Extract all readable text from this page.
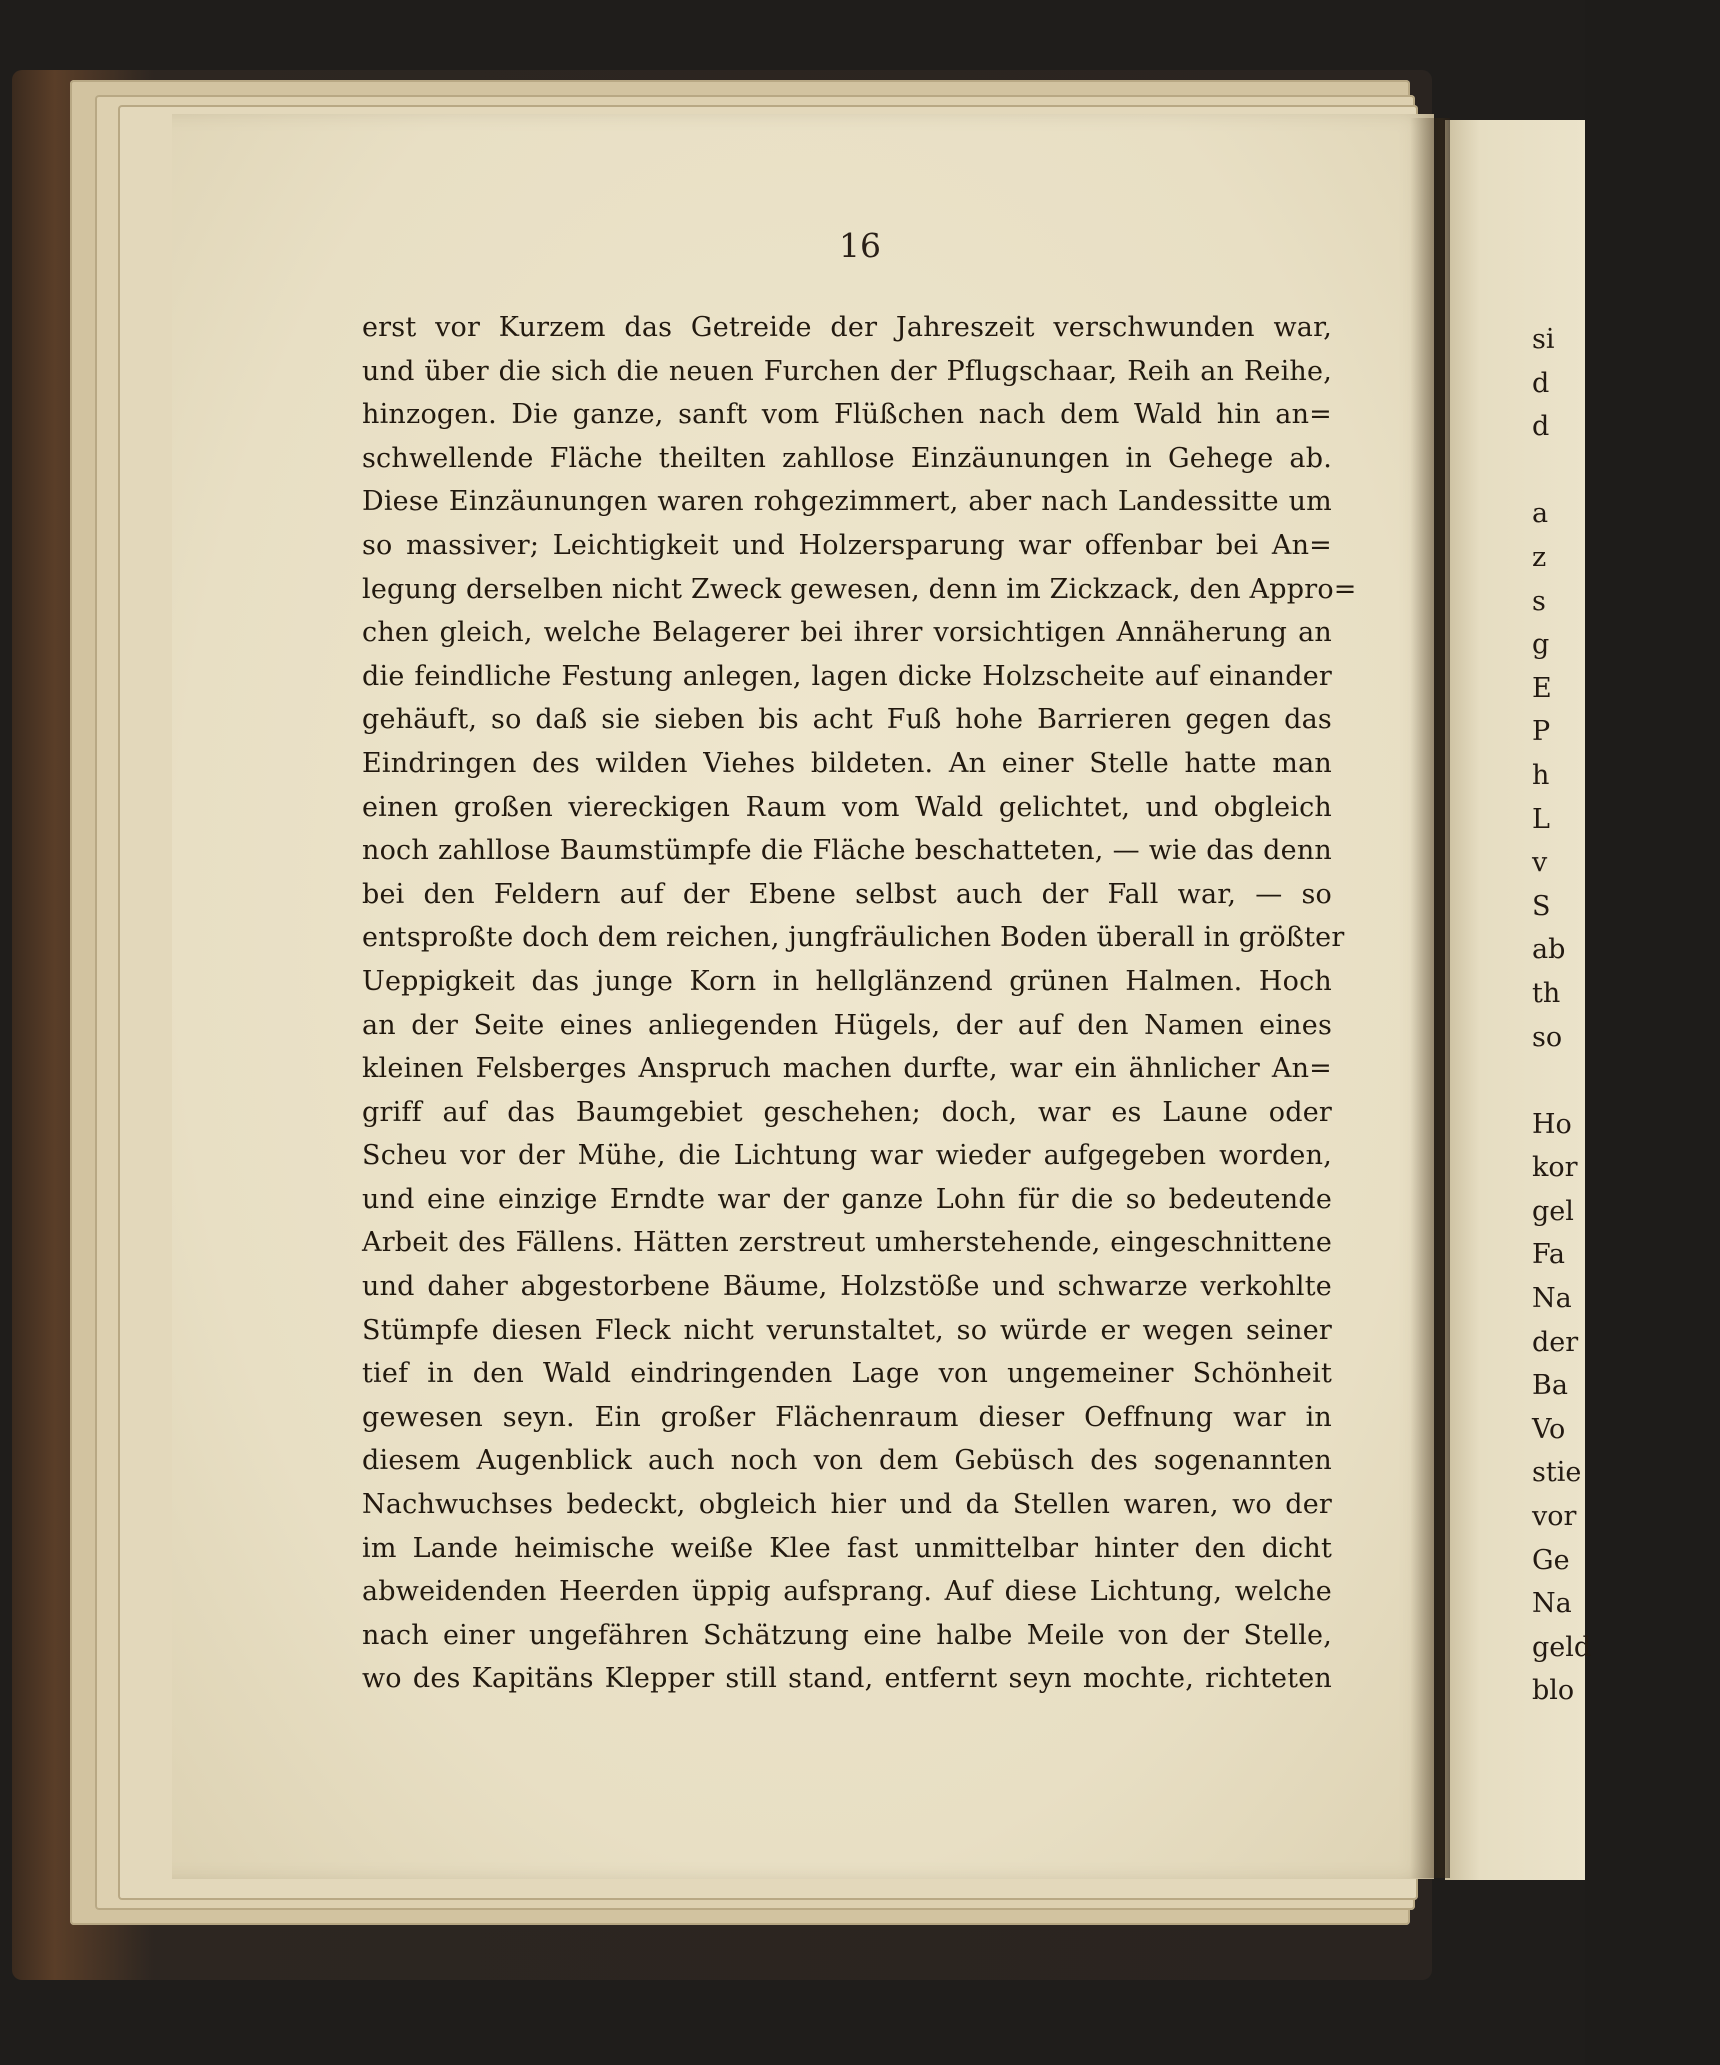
si
d
d
a
z
s
g
E
P
h
L
v
S
ab
th
so
Ho
kor
gel
Fa
Na
der
Ba
Vo
stie
vor
Ge
Na
geld
blo
16
erst vor Kurzem das Getreide der Jahreszeit verschwunden war,
und über die sich die neuen Furchen der Pflugschaar, Reih an Reihe,
hinzogen. Die ganze, sanft vom Flüßchen nach dem Wald hin an=
schwellende Fläche theilten zahllose Einzäunungen in Gehege ab.
Diese Einzäunungen waren rohgezimmert, aber nach Landessitte um
so massiver; Leichtigkeit und Holzersparung war offenbar bei An=
legung derselben nicht Zweck gewesen, denn im Zickzack, den Appro=
chen gleich, welche Belagerer bei ihrer vorsichtigen Annäherung an
die feindliche Festung anlegen, lagen dicke Holzscheite auf einander
gehäuft, so daß sie sieben bis acht Fuß hohe Barrieren gegen das
Eindringen des wilden Viehes bildeten. An einer Stelle hatte man
einen großen viereckigen Raum vom Wald gelichtet, und obgleich
noch zahllose Baumstümpfe die Fläche beschatteten, — wie das denn
bei den Feldern auf der Ebene selbst auch der Fall war, — so
entsproßte doch dem reichen, jungfräulichen Boden überall in größter
Ueppigkeit das junge Korn in hellglänzend grünen Halmen. Hoch
an der Seite eines anliegenden Hügels, der auf den Namen eines
kleinen Felsberges Anspruch machen durfte, war ein ähnlicher An=
griff auf das Baumgebiet geschehen; doch, war es Laune oder
Scheu vor der Mühe, die Lichtung war wieder aufgegeben worden,
und eine einzige Erndte war der ganze Lohn für die so bedeutende
Arbeit des Fällens. Hätten zerstreut umherstehende, eingeschnittene
und daher abgestorbene Bäume, Holzstöße und schwarze verkohlte
Stümpfe diesen Fleck nicht verunstaltet, so würde er wegen seiner
tief in den Wald eindringenden Lage von ungemeiner Schönheit
gewesen seyn. Ein großer Flächenraum dieser Oeffnung war in
diesem Augenblick auch noch von dem Gebüsch des sogenannten
Nachwuchses bedeckt, obgleich hier und da Stellen waren, wo der
im Lande heimische weiße Klee fast unmittelbar hinter den dicht
abweidenden Heerden üppig aufsprang. Auf diese Lichtung, welche
nach einer ungefähren Schätzung eine halbe Meile von der Stelle,
wo des Kapitäns Klepper still stand, entfernt seyn mochte, richteten
